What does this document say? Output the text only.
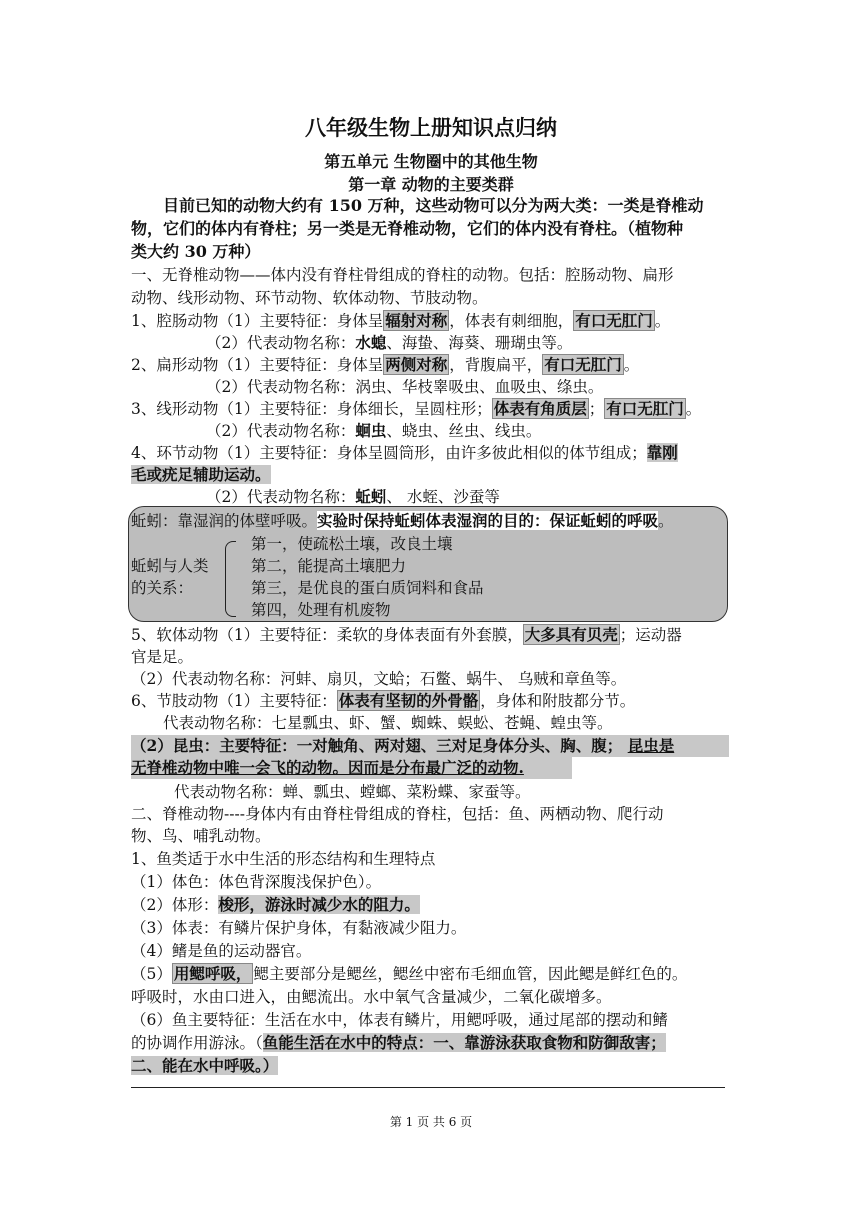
八年级生物上册知识点归纳
第五单元 生物圈中的其他生物
第一章 动物的主要类群
目前已知的动物大约有 150 万种，这些动物可以分为两大类：一类是脊椎动
物，它们的体内有脊柱；另一类是无脊椎动物，它们的体内没有脊柱。（植物种
类大约 30 万种）
一、无脊椎动物——体内没有脊柱骨组成的脊柱的动物。包括：腔肠动物、扁形
动物、线形动物、环节动物、软体动物、节肢动物。
1、腔肠动物（1）主要特征：身体呈 辐射对称 ，体表有刺细胞， 有口无肛门 。
（2）代表动物名称：水螅、海蛰、海葵、珊瑚虫等。
2、扁形动物（1）主要特征：身体呈 两侧对称 ，背腹扁平， 有口无肛门 。
（2）代表动物名称：涡虫、华枝睾吸虫、血吸虫、绦虫。
3、线形动物（1）主要特征：身体细长，呈圆柱形； 体表有角质层 ； 有口无肛门 。
（2）代表动物名称：蛔虫、蛲虫、丝虫、线虫。
4、环节动物（1）主要特征：身体呈圆筒形，由许多彼此相似的体节组成；靠刚
毛或疣足辅助运动。
（2）代表动物名称：蚯蚓、 水蛭、沙蚕等
蚯蚓：靠湿润的体壁呼吸。实验时保持蚯蚓体表湿润的目的：保证蚯蚓的呼吸。
蚯蚓与人类
的关系：
第一，使疏松土壤，改良土壤
第二，能提高土壤肥力
第三，是优良的蛋白质饲料和食品
第四，处理有机废物
5、软体动物（1）主要特征：柔软的身体表面有外套膜， 大多具有贝壳 ；运动器
官是足。
（2）代表动物名称：河蚌、扇贝，文蛤；石鳖、蜗牛、 乌贼和章鱼等。
6、节肢动物（1）主要特征： 体表有坚韧的外骨骼 ，身体和附肢都分节。
代表动物名称：七星瓢虫、虾、蟹、蜘蛛、蜈蚣、苍蝇、蝗虫等。
（2）昆虫：主要特征：一对触角、两对翅、三对足身体分头、胸、腹； 昆虫是
无脊椎动物中唯一会飞的动物。因而是分布最广泛的动物.
代表动物名称：蝉、瓢虫、螳螂、菜粉蝶、家蚕等。
二、脊椎动物----身体内有由脊柱骨组成的脊柱，包括：鱼、两栖动物、爬行动
物、鸟、哺乳动物。
1、鱼类适于水中生活的形态结构和生理特点
（1）体色：体色背深腹浅保护色）。
（2）体形：梭形，游泳时减少水的阻力。
（3）体表：有鳞片保护身体，有黏液减少阻力。
（4）鳍是鱼的运动器官。
（5） 用鳃呼吸， 鳃主要部分是鳃丝，鳃丝中密布毛细血管，因此鳃是鲜红色的。
呼吸时，水由口进入，由鳃流出。水中氧气含量减少，二氧化碳增多。
（6）鱼主要特征：生活在水中，体表有鳞片，用鳃呼吸，通过尾部的摆动和鳍
的协调作用游泳。（鱼能生活在水中的特点：一、靠游泳获取食物和防御敌害；
二、能在水中呼吸。）
第 1 页 共 6 页
